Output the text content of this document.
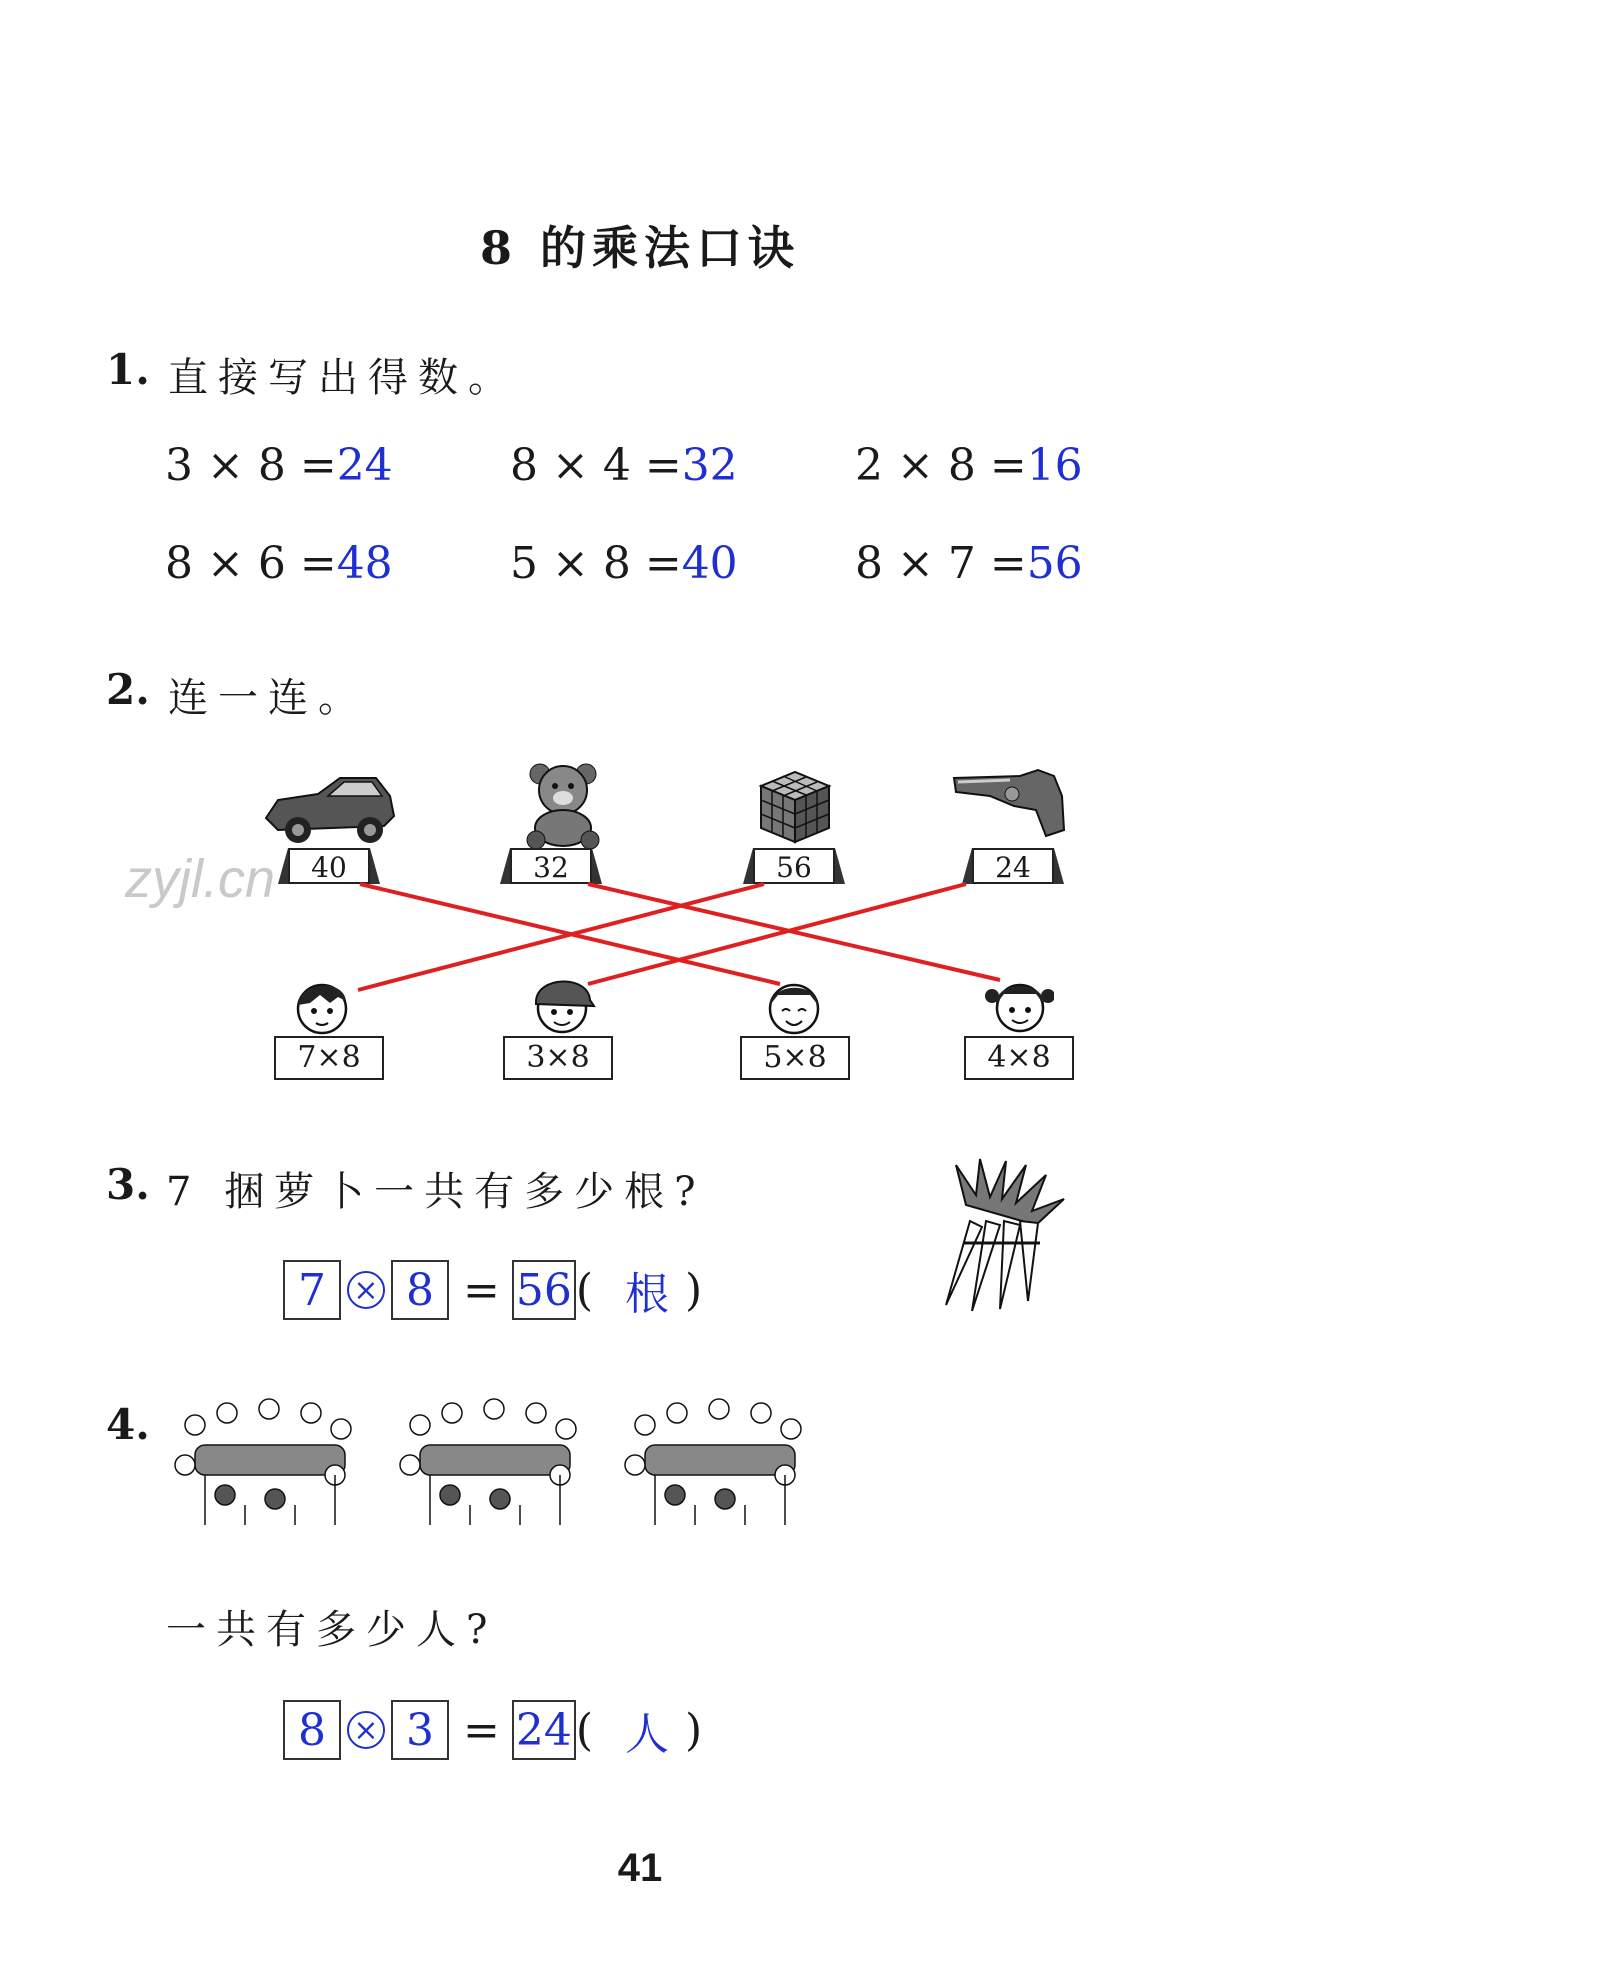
8 的乘法口诀
1. 直接写出得数。
3 × 8 =24	8 × 4 =32	2 × 8 =16
8 × 6 =48	5 × 8 =40	8 × 7 =56
2. 连一连。
zyjl.cn	40	32	56	24
7×8	3×8	5×8	4×8
3. 7 捆萝卜一共有多少根?
7 × 8 = 56 ( 根 )
4.
一共有多少人?
8 × 3 = 24 ( 人 )
41
